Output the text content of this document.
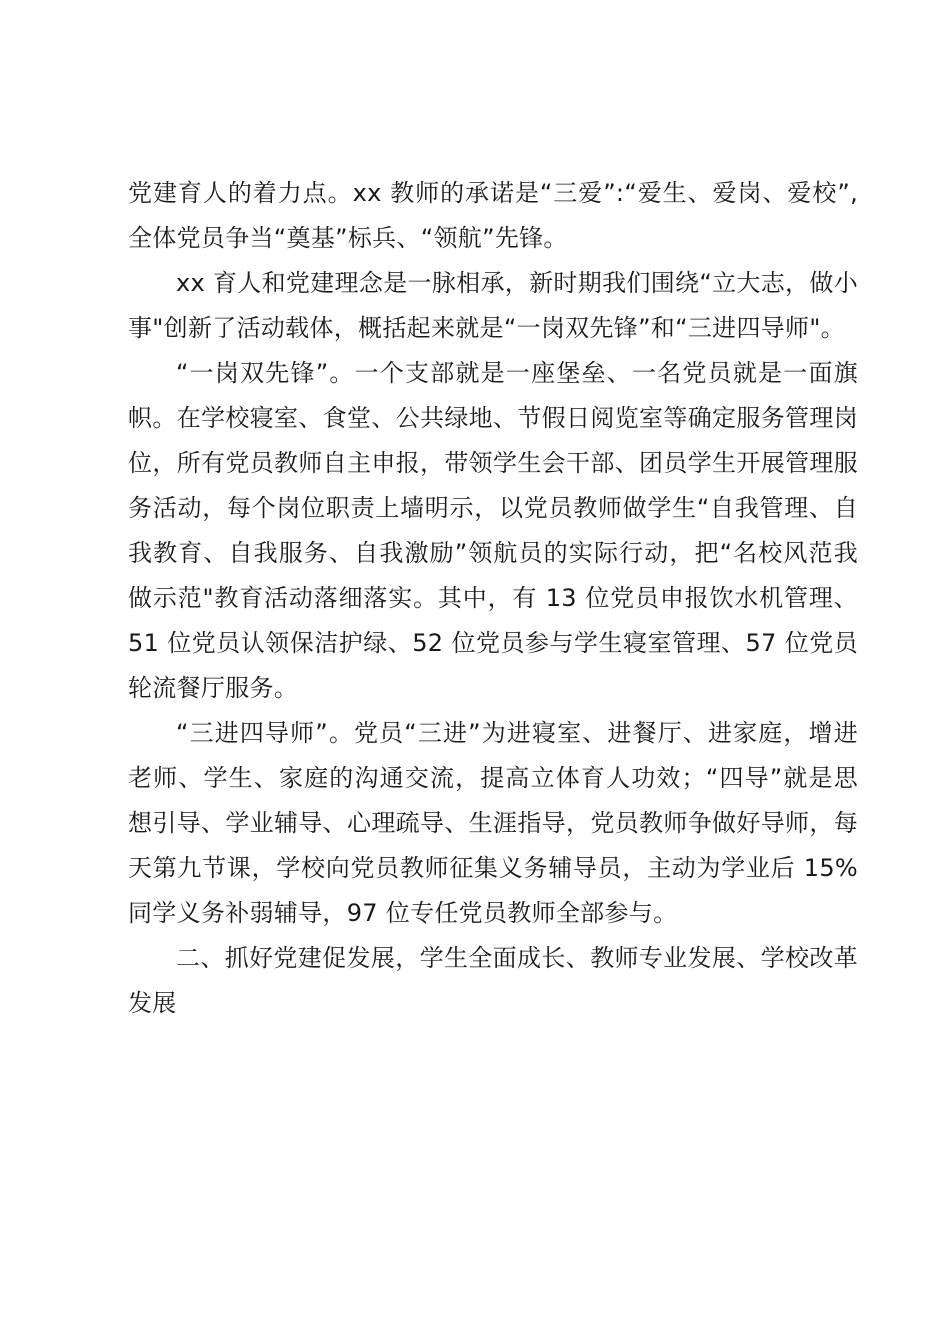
党建育人的着力点。xx 教师的承诺是“三爱”:“爱生、爱岗、爱校”,全体党员争当“奠基”标兵、“领航”先锋。

xx 育人和党建理念是一脉相承，新时期我们围绕“立大志，做小事"创新了活动载体，概括起来就是“一岗双先锋”和“三进四导师"。

“一岗双先锋”。一个支部就是一座堡垒、一名党员就是一面旗帜。在学校寝室、食堂、公共绿地、节假日阅览室等确定服务管理岗位，所有党员教师自主申报，带领学生会干部、团员学生开展管理服务活动，每个岗位职责上墙明示，以党员教师做学生“自我管理、自我教育、自我服务、自我激励”领航员的实际行动，把“名校风范我做示范"教育活动落细落实。其中，有 13 位党员申报饮水机管理、51 位党员认领保洁护绿、52 位党员参与学生寝室管理、57 位党员轮流餐厅服务。

“三进四导师”。党员“三进”为进寝室、进餐厅、进家庭，增进老师、学生、家庭的沟通交流，提高立体育人功效；“四导”就是思想引导、学业辅导、心理疏导、生涯指导，党员教师争做好导师，每天第九节课，学校向党员教师征集义务辅导员，主动为学业后 15%同学义务补弱辅导，97 位专任党员教师全部参与。

二、抓好党建促发展，学生全面成长、教师专业发展、学校改革发展
